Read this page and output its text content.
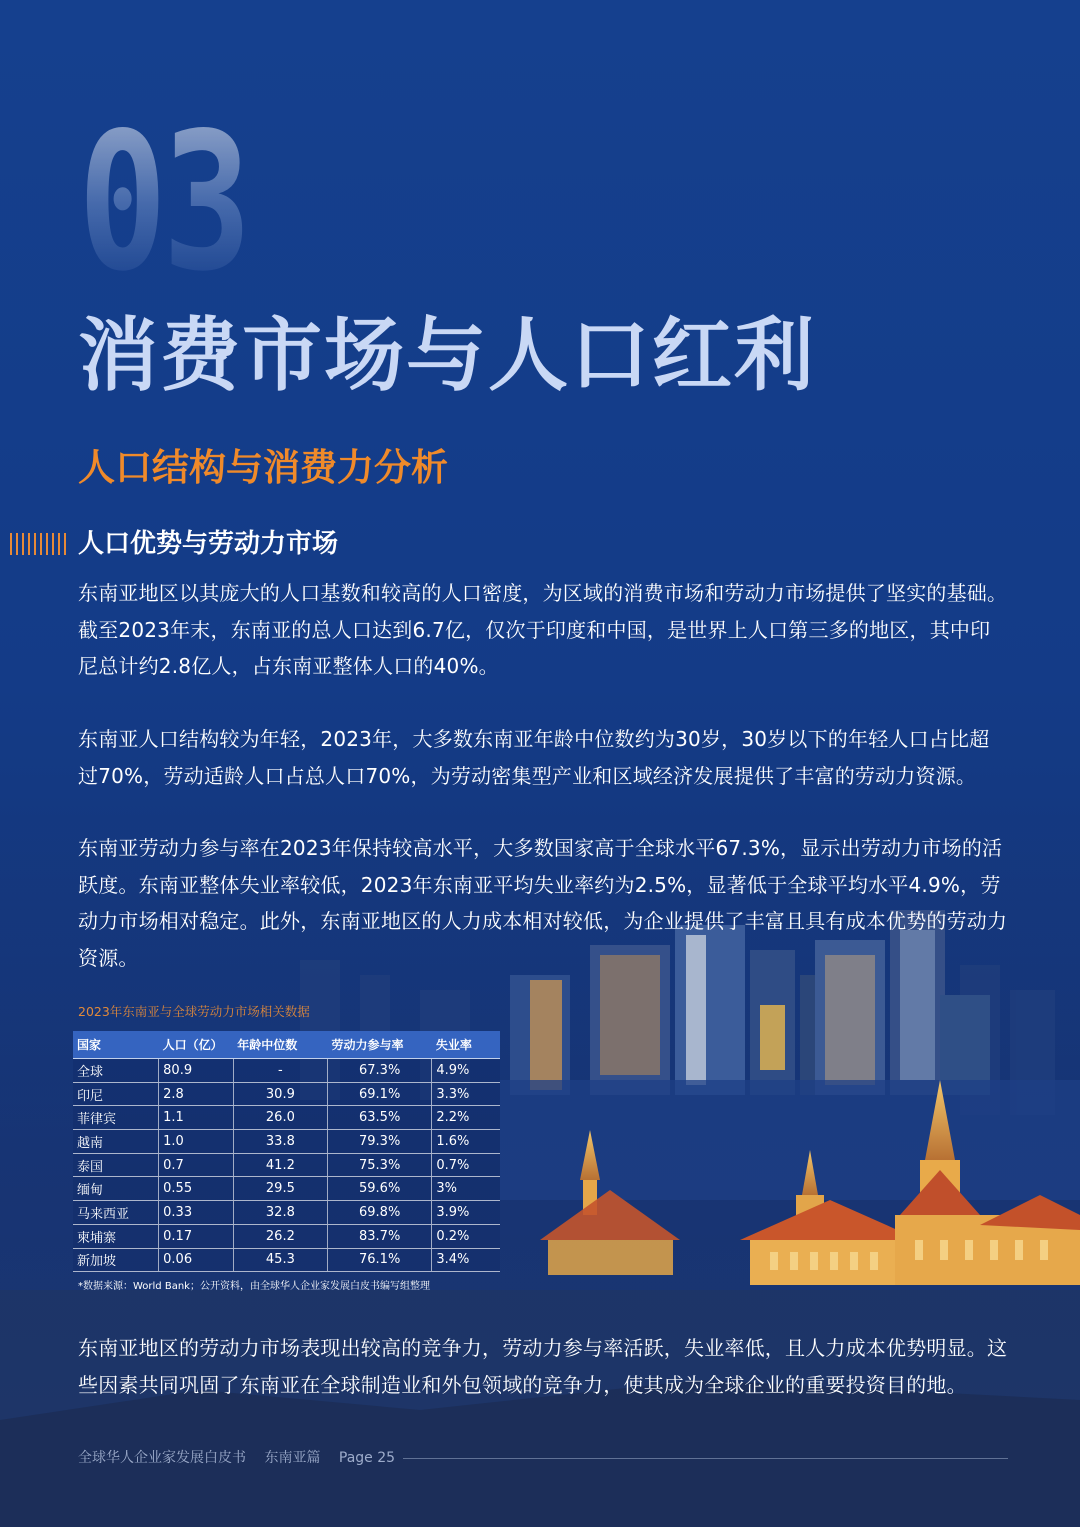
03
消费市场与人口红利
人口结构与消费力分析
人口优势与劳动力市场

东南亚地区以其庞大的人口基数和较高的人口密度，为区域的消费市场和劳动力市场提供了坚实的基础。截至2023年末，东南亚的总人口达到6.7亿，仅次于印度和中国，是世界上人口第三多的地区，其中印尼总计约2.8亿人，占东南亚整体人口的40%。

东南亚人口结构较为年轻，2023年，大多数东南亚年龄中位数约为30岁，30岁以下的年轻人口占比超过70%，劳动适龄人口占总人口70%，为劳动密集型产业和区域经济发展提供了丰富的劳动力资源。

东南亚劳动力参与率在2023年保持较高水平，大多数国家高于全球水平67.3%，显示出劳动力市场的活跃度。东南亚整体失业率较低，2023年东南亚平均失业率约为2.5%，显著低于全球平均水平4.9%，劳动力市场相对稳定。此外，东南亚地区的人力成本相对较低，为企业提供了丰富且具有成本优势的劳动力资源。

2023年东南亚与全球劳动力市场相关数据
国家	人口（亿）	年龄中位数	劳动力参与率	失业率
全球	80.9	-	67.3%	4.9%
印尼	2.8	30.9	69.1%	3.3%
菲律宾	1.1	26.0	63.5%	2.2%
越南	1.0	33.8	79.3%	1.6%
泰国	0.7	41.2	75.3%	0.7%
缅甸	0.55	29.5	59.6%	3%
马来西亚	0.33	32.8	69.8%	3.9%
柬埔寨	0.17	26.2	83.7%	0.2%
新加坡	0.06	45.3	76.1%	3.4%
*数据来源：World Bank；公开资料，由全球华人企业家发展白皮书编写组整理

东南亚地区的劳动力市场表现出较高的竞争力，劳动力参与率活跃，失业率低，且人力成本优势明显。这些因素共同巩固了东南亚在全球制造业和外包领域的竞争力，使其成为全球企业的重要投资目的地。

全球华人企业家发展白皮书 东南亚篇 Page 25
